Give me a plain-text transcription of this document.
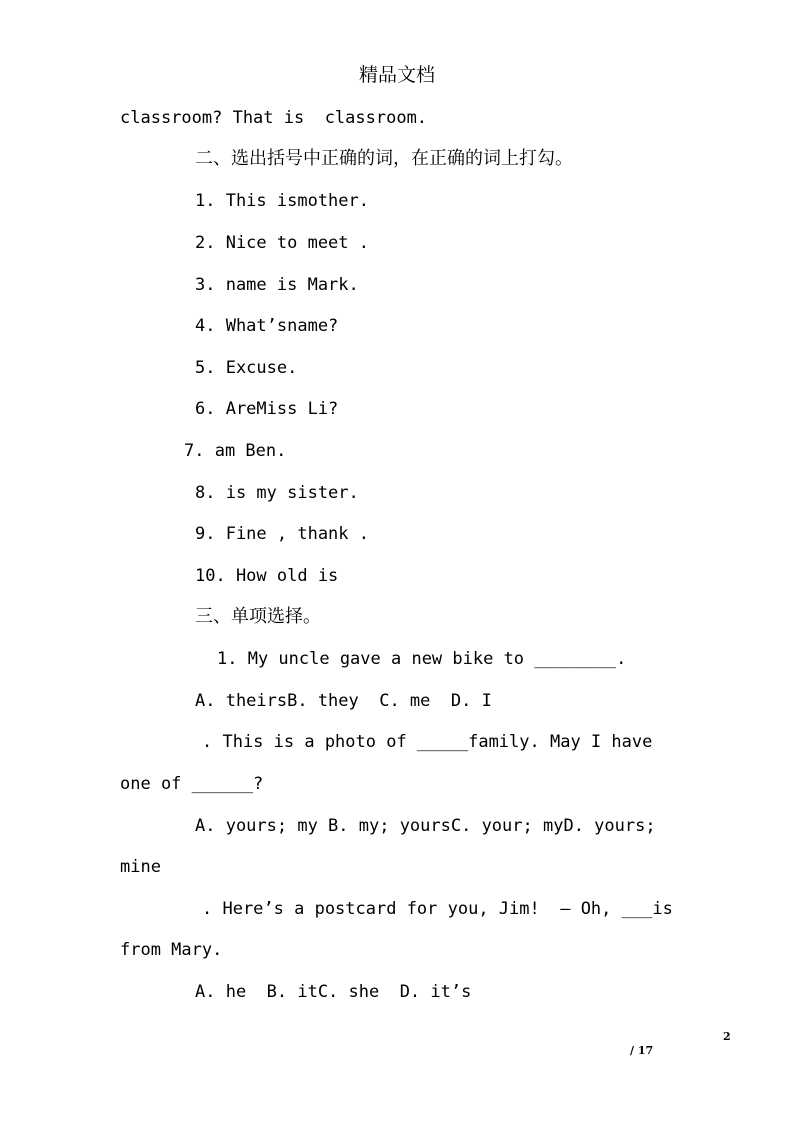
精品文档
classroom? That is  classroom.
二、选出括号中正确的词，在正确的词上打勾。
1. This ismother.
2. Nice to meet .
3. name is Mark.
4. What’sname?
5. Excuse.
6. AreMiss Li?
7. am Ben.
8. is my sister.
9. Fine , thank .
10. How old is
三、单项选择。
1. My uncle gave a new bike to ________.
A. theirsB. they  C. me  D. I
. This is a photo of _____family. May I have
one of ______?
A. yours; my B. my; yoursC. your; myD. yours;
mine
. Here’s a postcard for you, Jim!  — Oh, ___is
from Mary.
A. he  B. itC. she  D. it’s
2
/ 17
